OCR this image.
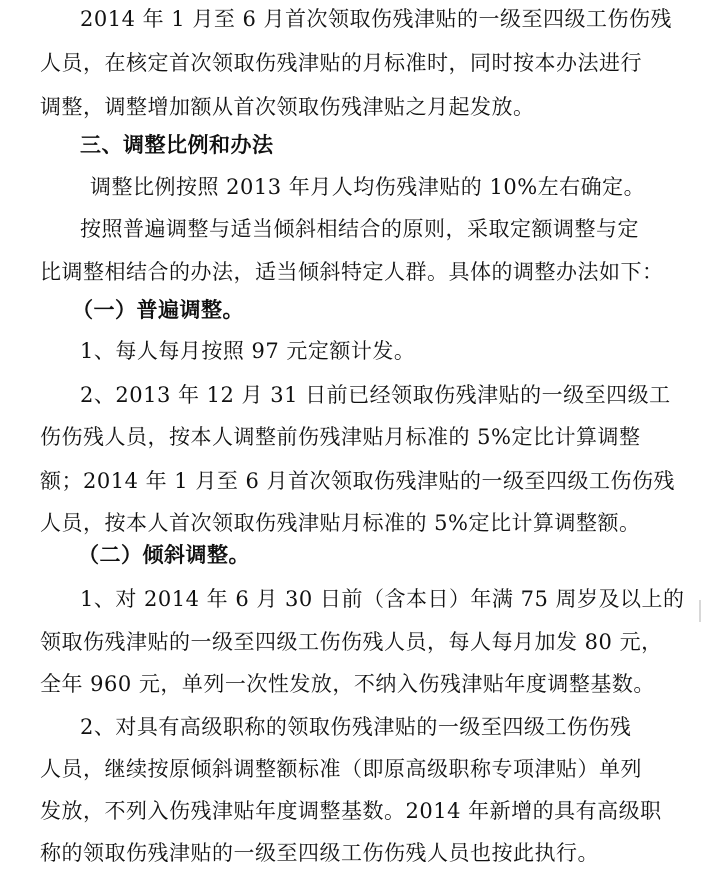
2014 年 1 月至 6 月首次领取伤残津贴的一级至四级工伤伤残
人员，在核定首次领取伤残津贴的月标准时，同时按本办法进行
调整，调整增加额从首次领取伤残津贴之月起发放。
三、调整比例和办法
调整比例按照 2013 年月人均伤残津贴的 10%左右确定。
按照普遍调整与适当倾斜相结合的原则，采取定额调整与定
比调整相结合的办法，适当倾斜特定人群。具体的调整办法如下：
（一）普遍调整。
1、每人每月按照 97 元定额计发。
2、2013 年 12 月 31 日前已经领取伤残津贴的一级至四级工
伤伤残人员，按本人调整前伤残津贴月标准的 5%定比计算调整
额；2014 年 1 月至 6 月首次领取伤残津贴的一级至四级工伤伤残
人员，按本人首次领取伤残津贴月标准的 5%定比计算调整额。
（二）倾斜调整。
1、对 2014 年 6 月 30 日前（含本日）年满 75 周岁及以上的
领取伤残津贴的一级至四级工伤伤残人员，每人每月加发 80 元，
全年 960 元，单列一次性发放，不纳入伤残津贴年度调整基数。
2、对具有高级职称的领取伤残津贴的一级至四级工伤伤残
人员，继续按原倾斜调整额标准（即原高级职称专项津贴）单列
发放，不列入伤残津贴年度调整基数。2014 年新增的具有高级职
称的领取伤残津贴的一级至四级工伤伤残人员也按此执行。
